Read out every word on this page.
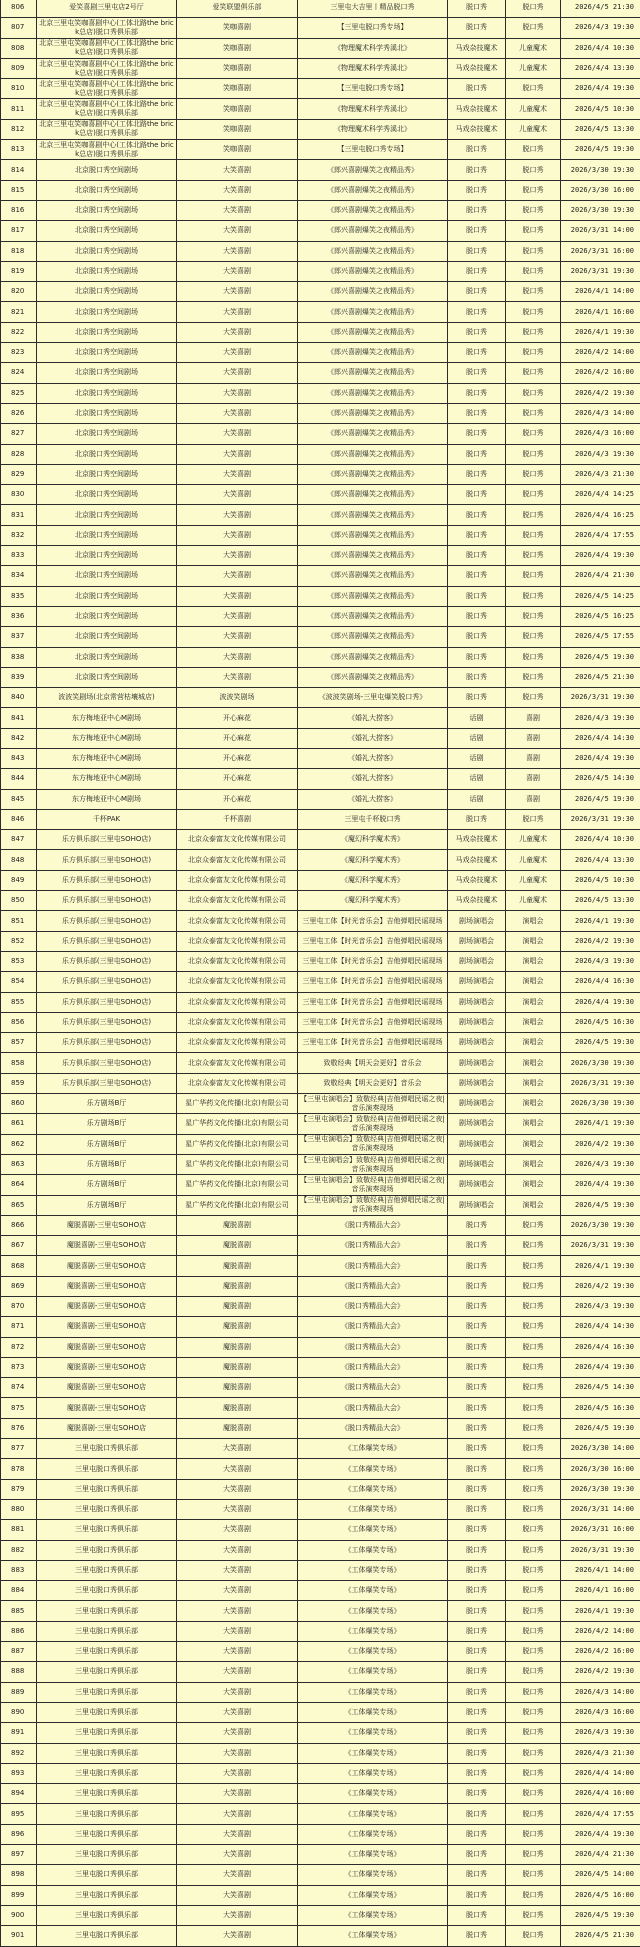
806	爱笑喜剧三里屯店2号厅	爱笑联盟俱乐部	三里屯大吉里丨精品脱口秀	脱口秀	脱口秀	2026/4/5 21:30
807	北京三里屯笑咖喜剧中心(工体北路the brick总店)脱口秀俱乐部	笑咖喜剧	【三里屯脱口秀专场】	脱口秀	脱口秀	2026/4/3 19:30
808	北京三里屯笑咖喜剧中心(工体北路the brick总店)脱口秀俱乐部	笑咖喜剧	《物理魔术科学秀溪北》	马戏杂技魔术	儿童魔术	2026/4/4 10:30
809	北京三里屯笑咖喜剧中心(工体北路the brick总店)脱口秀俱乐部	笑咖喜剧	《物理魔术科学秀溪北》	马戏杂技魔术	儿童魔术	2026/4/4 13:30
810	北京三里屯笑咖喜剧中心(工体北路the brick总店)脱口秀俱乐部	笑咖喜剧	【三里屯脱口秀专场】	脱口秀	脱口秀	2026/4/4 19:30
811	北京三里屯笑咖喜剧中心(工体北路the brick总店)脱口秀俱乐部	笑咖喜剧	《物理魔术科学秀溪北》	马戏杂技魔术	儿童魔术	2026/4/5 10:30
812	北京三里屯笑咖喜剧中心(工体北路the brick总店)脱口秀俱乐部	笑咖喜剧	《物理魔术科学秀溪北》	马戏杂技魔术	儿童魔术	2026/4/5 13:30
813	北京三里屯笑咖喜剧中心(工体北路the brick总店)脱口秀俱乐部	笑咖喜剧	【三里屯脱口秀专场】	脱口秀	脱口秀	2026/4/5 19:30
814	北京脱口秀空间剧场	大笑喜剧	《郎兴喜剧爆笑之夜精品秀》	脱口秀	脱口秀	2026/3/30 19:30
815	北京脱口秀空间剧场	大笑喜剧	《郎兴喜剧爆笑之夜精品秀》	脱口秀	脱口秀	2026/3/30 16:00
816	北京脱口秀空间剧场	大笑喜剧	《郎兴喜剧爆笑之夜精品秀》	脱口秀	脱口秀	2026/3/30 19:30
817	北京脱口秀空间剧场	大笑喜剧	《郎兴喜剧爆笑之夜精品秀》	脱口秀	脱口秀	2026/3/31 14:00
818	北京脱口秀空间剧场	大笑喜剧	《郎兴喜剧爆笑之夜精品秀》	脱口秀	脱口秀	2026/3/31 16:00
819	北京脱口秀空间剧场	大笑喜剧	《郎兴喜剧爆笑之夜精品秀》	脱口秀	脱口秀	2026/3/31 19:30
820	北京脱口秀空间剧场	大笑喜剧	《郎兴喜剧爆笑之夜精品秀》	脱口秀	脱口秀	2026/4/1 14:00
821	北京脱口秀空间剧场	大笑喜剧	《郎兴喜剧爆笑之夜精品秀》	脱口秀	脱口秀	2026/4/1 16:00
822	北京脱口秀空间剧场	大笑喜剧	《郎兴喜剧爆笑之夜精品秀》	脱口秀	脱口秀	2026/4/1 19:30
823	北京脱口秀空间剧场	大笑喜剧	《郎兴喜剧爆笑之夜精品秀》	脱口秀	脱口秀	2026/4/2 14:00
824	北京脱口秀空间剧场	大笑喜剧	《郎兴喜剧爆笑之夜精品秀》	脱口秀	脱口秀	2026/4/2 16:00
825	北京脱口秀空间剧场	大笑喜剧	《郎兴喜剧爆笑之夜精品秀》	脱口秀	脱口秀	2026/4/2 19:30
826	北京脱口秀空间剧场	大笑喜剧	《郎兴喜剧爆笑之夜精品秀》	脱口秀	脱口秀	2026/4/3 14:00
827	北京脱口秀空间剧场	大笑喜剧	《郎兴喜剧爆笑之夜精品秀》	脱口秀	脱口秀	2026/4/3 16:00
828	北京脱口秀空间剧场	大笑喜剧	《郎兴喜剧爆笑之夜精品秀》	脱口秀	脱口秀	2026/4/3 19:30
829	北京脱口秀空间剧场	大笑喜剧	《郎兴喜剧爆笑之夜精品秀》	脱口秀	脱口秀	2026/4/3 21:30
830	北京脱口秀空间剧场	大笑喜剧	《郎兴喜剧爆笑之夜精品秀》	脱口秀	脱口秀	2026/4/4 14:25
831	北京脱口秀空间剧场	大笑喜剧	《郎兴喜剧爆笑之夜精品秀》	脱口秀	脱口秀	2026/4/4 16:25
832	北京脱口秀空间剧场	大笑喜剧	《郎兴喜剧爆笑之夜精品秀》	脱口秀	脱口秀	2026/4/4 17:55
833	北京脱口秀空间剧场	大笑喜剧	《郎兴喜剧爆笑之夜精品秀》	脱口秀	脱口秀	2026/4/4 19:30
834	北京脱口秀空间剧场	大笑喜剧	《郎兴喜剧爆笑之夜精品秀》	脱口秀	脱口秀	2026/4/4 21:30
835	北京脱口秀空间剧场	大笑喜剧	《郎兴喜剧爆笑之夜精品秀》	脱口秀	脱口秀	2026/4/5 14:25
836	北京脱口秀空间剧场	大笑喜剧	《郎兴喜剧爆笑之夜精品秀》	脱口秀	脱口秀	2026/4/5 16:25
837	北京脱口秀空间剧场	大笑喜剧	《郎兴喜剧爆笑之夜精品秀》	脱口秀	脱口秀	2026/4/5 17:55
838	北京脱口秀空间剧场	大笑喜剧	《郎兴喜剧爆笑之夜精品秀》	脱口秀	脱口秀	2026/4/5 19:30
839	北京脱口秀空间剧场	大笑喜剧	《郎兴喜剧爆笑之夜精品秀》	脱口秀	脱口秀	2026/4/5 21:30
840	波波笑剧场(北京常营枯壤城店)	波波笑剧场	《波波笑剧场-三里屯爆笑脱口秀》	脱口秀	脱口秀	2026/3/31 19:30
841	东方梅地亚中心M剧场	开心麻花	《婚礼大捞客》	话剧	喜剧	2026/4/3 19:30
842	东方梅地亚中心M剧场	开心麻花	《婚礼大捞客》	话剧	喜剧	2026/4/4 14:30
843	东方梅地亚中心M剧场	开心麻花	《婚礼大捞客》	话剧	喜剧	2026/4/4 19:30
844	东方梅地亚中心M剧场	开心麻花	《婚礼大捞客》	话剧	喜剧	2026/4/5 14:30
845	东方梅地亚中心M剧场	开心麻花	《婚礼大捞客》	话剧	喜剧	2026/4/5 19:30
846	千杯PAK	千杯喜剧	三里屯千杯脱口秀	脱口秀	脱口秀	2026/3/31 19:30
847	乐方俱乐部(三里屯SOHO店)	北京众泰富友文化传媒有限公司	《魔幻科学魔术秀》	马戏杂技魔术	儿童魔术	2026/4/4 10:30
848	乐方俱乐部(三里屯SOHO店)	北京众泰富友文化传媒有限公司	《魔幻科学魔术秀》	马戏杂技魔术	儿童魔术	2026/4/4 13:30
849	乐方俱乐部(三里屯SOHO店)	北京众泰富友文化传媒有限公司	《魔幻科学魔术秀》	马戏杂技魔术	儿童魔术	2026/4/5 10:30
850	乐方俱乐部(三里屯SOHO店)	北京众泰富友文化传媒有限公司	《魔幻科学魔术秀》	马戏杂技魔术	儿童魔术	2026/4/5 13:30
851	乐方俱乐部(三里屯SOHO店)	北京众泰富友文化传媒有限公司	三里屯工体【时光音乐会】吉他弹唱民谣现场	剧场演唱会	演唱会	2026/4/1 19:30
852	乐方俱乐部(三里屯SOHO店)	北京众泰富友文化传媒有限公司	三里屯工体【时光音乐会】吉他弹唱民谣现场	剧场演唱会	演唱会	2026/4/2 19:30
853	乐方俱乐部(三里屯SOHO店)	北京众泰富友文化传媒有限公司	三里屯工体【时光音乐会】吉他弹唱民谣现场	剧场演唱会	演唱会	2026/4/3 19:30
854	乐方俱乐部(三里屯SOHO店)	北京众泰富友文化传媒有限公司	三里屯工体【时光音乐会】吉他弹唱民谣现场	剧场演唱会	演唱会	2026/4/4 16:30
855	乐方俱乐部(三里屯SOHO店)	北京众泰富友文化传媒有限公司	三里屯工体【时光音乐会】吉他弹唱民谣现场	剧场演唱会	演唱会	2026/4/4 19:30
856	乐方俱乐部(三里屯SOHO店)	北京众泰富友文化传媒有限公司	三里屯工体【时光音乐会】吉他弹唱民谣现场	剧场演唱会	演唱会	2026/4/5 16:30
857	乐方俱乐部(三里屯SOHO店)	北京众泰富友文化传媒有限公司	三里屯工体【时光音乐会】吉他弹唱民谣现场	剧场演唱会	演唱会	2026/4/5 19:30
858	乐方俱乐部(三里屯SOHO店)	北京众泰富友文化传媒有限公司	致敬经典【明天会更好】音乐会	剧场演唱会	演唱会	2026/3/30 19:30
859	乐方俱乐部(三里屯SOHO店)	北京众泰富友文化传媒有限公司	致敬经典【明天会更好】音乐会	剧场演唱会	演唱会	2026/3/31 19:30
860	乐方剧场B厅	星广华药文化传播(北京)有限公司	【三里屯演唱会】致敬经典|吉他弹唱民谣之夜|音乐演奏现场	剧场演唱会	演唱会	2026/3/30 19:30
861	乐方剧场B厅	星广华药文化传播(北京)有限公司	【三里屯演唱会】致敬经典|吉他弹唱民谣之夜|音乐演奏现场	剧场演唱会	演唱会	2026/4/1 19:30
862	乐方剧场B厅	星广华药文化传播(北京)有限公司	【三里屯演唱会】致敬经典|吉他弹唱民谣之夜|音乐演奏现场	剧场演唱会	演唱会	2026/4/2 19:30
863	乐方剧场B厅	星广华药文化传播(北京)有限公司	【三里屯演唱会】致敬经典|吉他弹唱民谣之夜|音乐演奏现场	剧场演唱会	演唱会	2026/4/3 19:30
864	乐方剧场B厅	星广华药文化传播(北京)有限公司	【三里屯演唱会】致敬经典|吉他弹唱民谣之夜|音乐演奏现场	剧场演唱会	演唱会	2026/4/4 19:30
865	乐方剧场B厅	星广华药文化传播(北京)有限公司	【三里屯演唱会】致敬经典|吉他弹唱民谣之夜|音乐演奏现场	剧场演唱会	演唱会	2026/4/5 19:30
866	魔脱喜剧-三里屯SOHO店	魔脱喜剧	《脱口秀精品大会》	脱口秀	脱口秀	2026/3/30 19:30
867	魔脱喜剧-三里屯SOHO店	魔脱喜剧	《脱口秀精品大会》	脱口秀	脱口秀	2026/3/31 19:30
868	魔脱喜剧-三里屯SOHO店	魔脱喜剧	《脱口秀精品大会》	脱口秀	脱口秀	2026/4/1 19:30
869	魔脱喜剧-三里屯SOHO店	魔脱喜剧	《脱口秀精品大会》	脱口秀	脱口秀	2026/4/2 19:30
870	魔脱喜剧-三里屯SOHO店	魔脱喜剧	《脱口秀精品大会》	脱口秀	脱口秀	2026/4/3 19:30
871	魔脱喜剧-三里屯SOHO店	魔脱喜剧	《脱口秀精品大会》	脱口秀	脱口秀	2026/4/4 14:30
872	魔脱喜剧-三里屯SOHO店	魔脱喜剧	《脱口秀精品大会》	脱口秀	脱口秀	2026/4/4 16:30
873	魔脱喜剧-三里屯SOHO店	魔脱喜剧	《脱口秀精品大会》	脱口秀	脱口秀	2026/4/4 19:30
874	魔脱喜剧-三里屯SOHO店	魔脱喜剧	《脱口秀精品大会》	脱口秀	脱口秀	2026/4/5 14:30
875	魔脱喜剧-三里屯SOHO店	魔脱喜剧	《脱口秀精品大会》	脱口秀	脱口秀	2026/4/5 16:30
876	魔脱喜剧-三里屯SOHO店	魔脱喜剧	《脱口秀精品大会》	脱口秀	脱口秀	2026/4/5 19:30
877	三里屯脱口秀俱乐部	大笑喜剧	《工体爆笑专场》	脱口秀	脱口秀	2026/3/30 14:00
878	三里屯脱口秀俱乐部	大笑喜剧	《工体爆笑专场》	脱口秀	脱口秀	2026/3/30 16:00
879	三里屯脱口秀俱乐部	大笑喜剧	《工体爆笑专场》	脱口秀	脱口秀	2026/3/30 19:30
880	三里屯脱口秀俱乐部	大笑喜剧	《工体爆笑专场》	脱口秀	脱口秀	2026/3/31 14:00
881	三里屯脱口秀俱乐部	大笑喜剧	《工体爆笑专场》	脱口秀	脱口秀	2026/3/31 16:00
882	三里屯脱口秀俱乐部	大笑喜剧	《工体爆笑专场》	脱口秀	脱口秀	2026/3/31 19:30
883	三里屯脱口秀俱乐部	大笑喜剧	《工体爆笑专场》	脱口秀	脱口秀	2026/4/1 14:00
884	三里屯脱口秀俱乐部	大笑喜剧	《工体爆笑专场》	脱口秀	脱口秀	2026/4/1 16:00
885	三里屯脱口秀俱乐部	大笑喜剧	《工体爆笑专场》	脱口秀	脱口秀	2026/4/1 19:30
886	三里屯脱口秀俱乐部	大笑喜剧	《工体爆笑专场》	脱口秀	脱口秀	2026/4/2 14:00
887	三里屯脱口秀俱乐部	大笑喜剧	《工体爆笑专场》	脱口秀	脱口秀	2026/4/2 16:00
888	三里屯脱口秀俱乐部	大笑喜剧	《工体爆笑专场》	脱口秀	脱口秀	2026/4/2 19:30
889	三里屯脱口秀俱乐部	大笑喜剧	《工体爆笑专场》	脱口秀	脱口秀	2026/4/3 14:00
890	三里屯脱口秀俱乐部	大笑喜剧	《工体爆笑专场》	脱口秀	脱口秀	2026/4/3 16:00
891	三里屯脱口秀俱乐部	大笑喜剧	《工体爆笑专场》	脱口秀	脱口秀	2026/4/3 19:30
892	三里屯脱口秀俱乐部	大笑喜剧	《工体爆笑专场》	脱口秀	脱口秀	2026/4/3 21:30
893	三里屯脱口秀俱乐部	大笑喜剧	《工体爆笑专场》	脱口秀	脱口秀	2026/4/4 14:00
894	三里屯脱口秀俱乐部	大笑喜剧	《工体爆笑专场》	脱口秀	脱口秀	2026/4/4 16:00
895	三里屯脱口秀俱乐部	大笑喜剧	《工体爆笑专场》	脱口秀	脱口秀	2026/4/4 17:55
896	三里屯脱口秀俱乐部	大笑喜剧	《工体爆笑专场》	脱口秀	脱口秀	2026/4/4 19:30
897	三里屯脱口秀俱乐部	大笑喜剧	《工体爆笑专场》	脱口秀	脱口秀	2026/4/4 21:30
898	三里屯脱口秀俱乐部	大笑喜剧	《工体爆笑专场》	脱口秀	脱口秀	2026/4/5 14:00
899	三里屯脱口秀俱乐部	大笑喜剧	《工体爆笑专场》	脱口秀	脱口秀	2026/4/5 16:00
900	三里屯脱口秀俱乐部	大笑喜剧	《工体爆笑专场》	脱口秀	脱口秀	2026/4/5 19:30
901	三里屯脱口秀俱乐部	大笑喜剧	《工体爆笑专场》	脱口秀	脱口秀	2026/4/5 21:30
